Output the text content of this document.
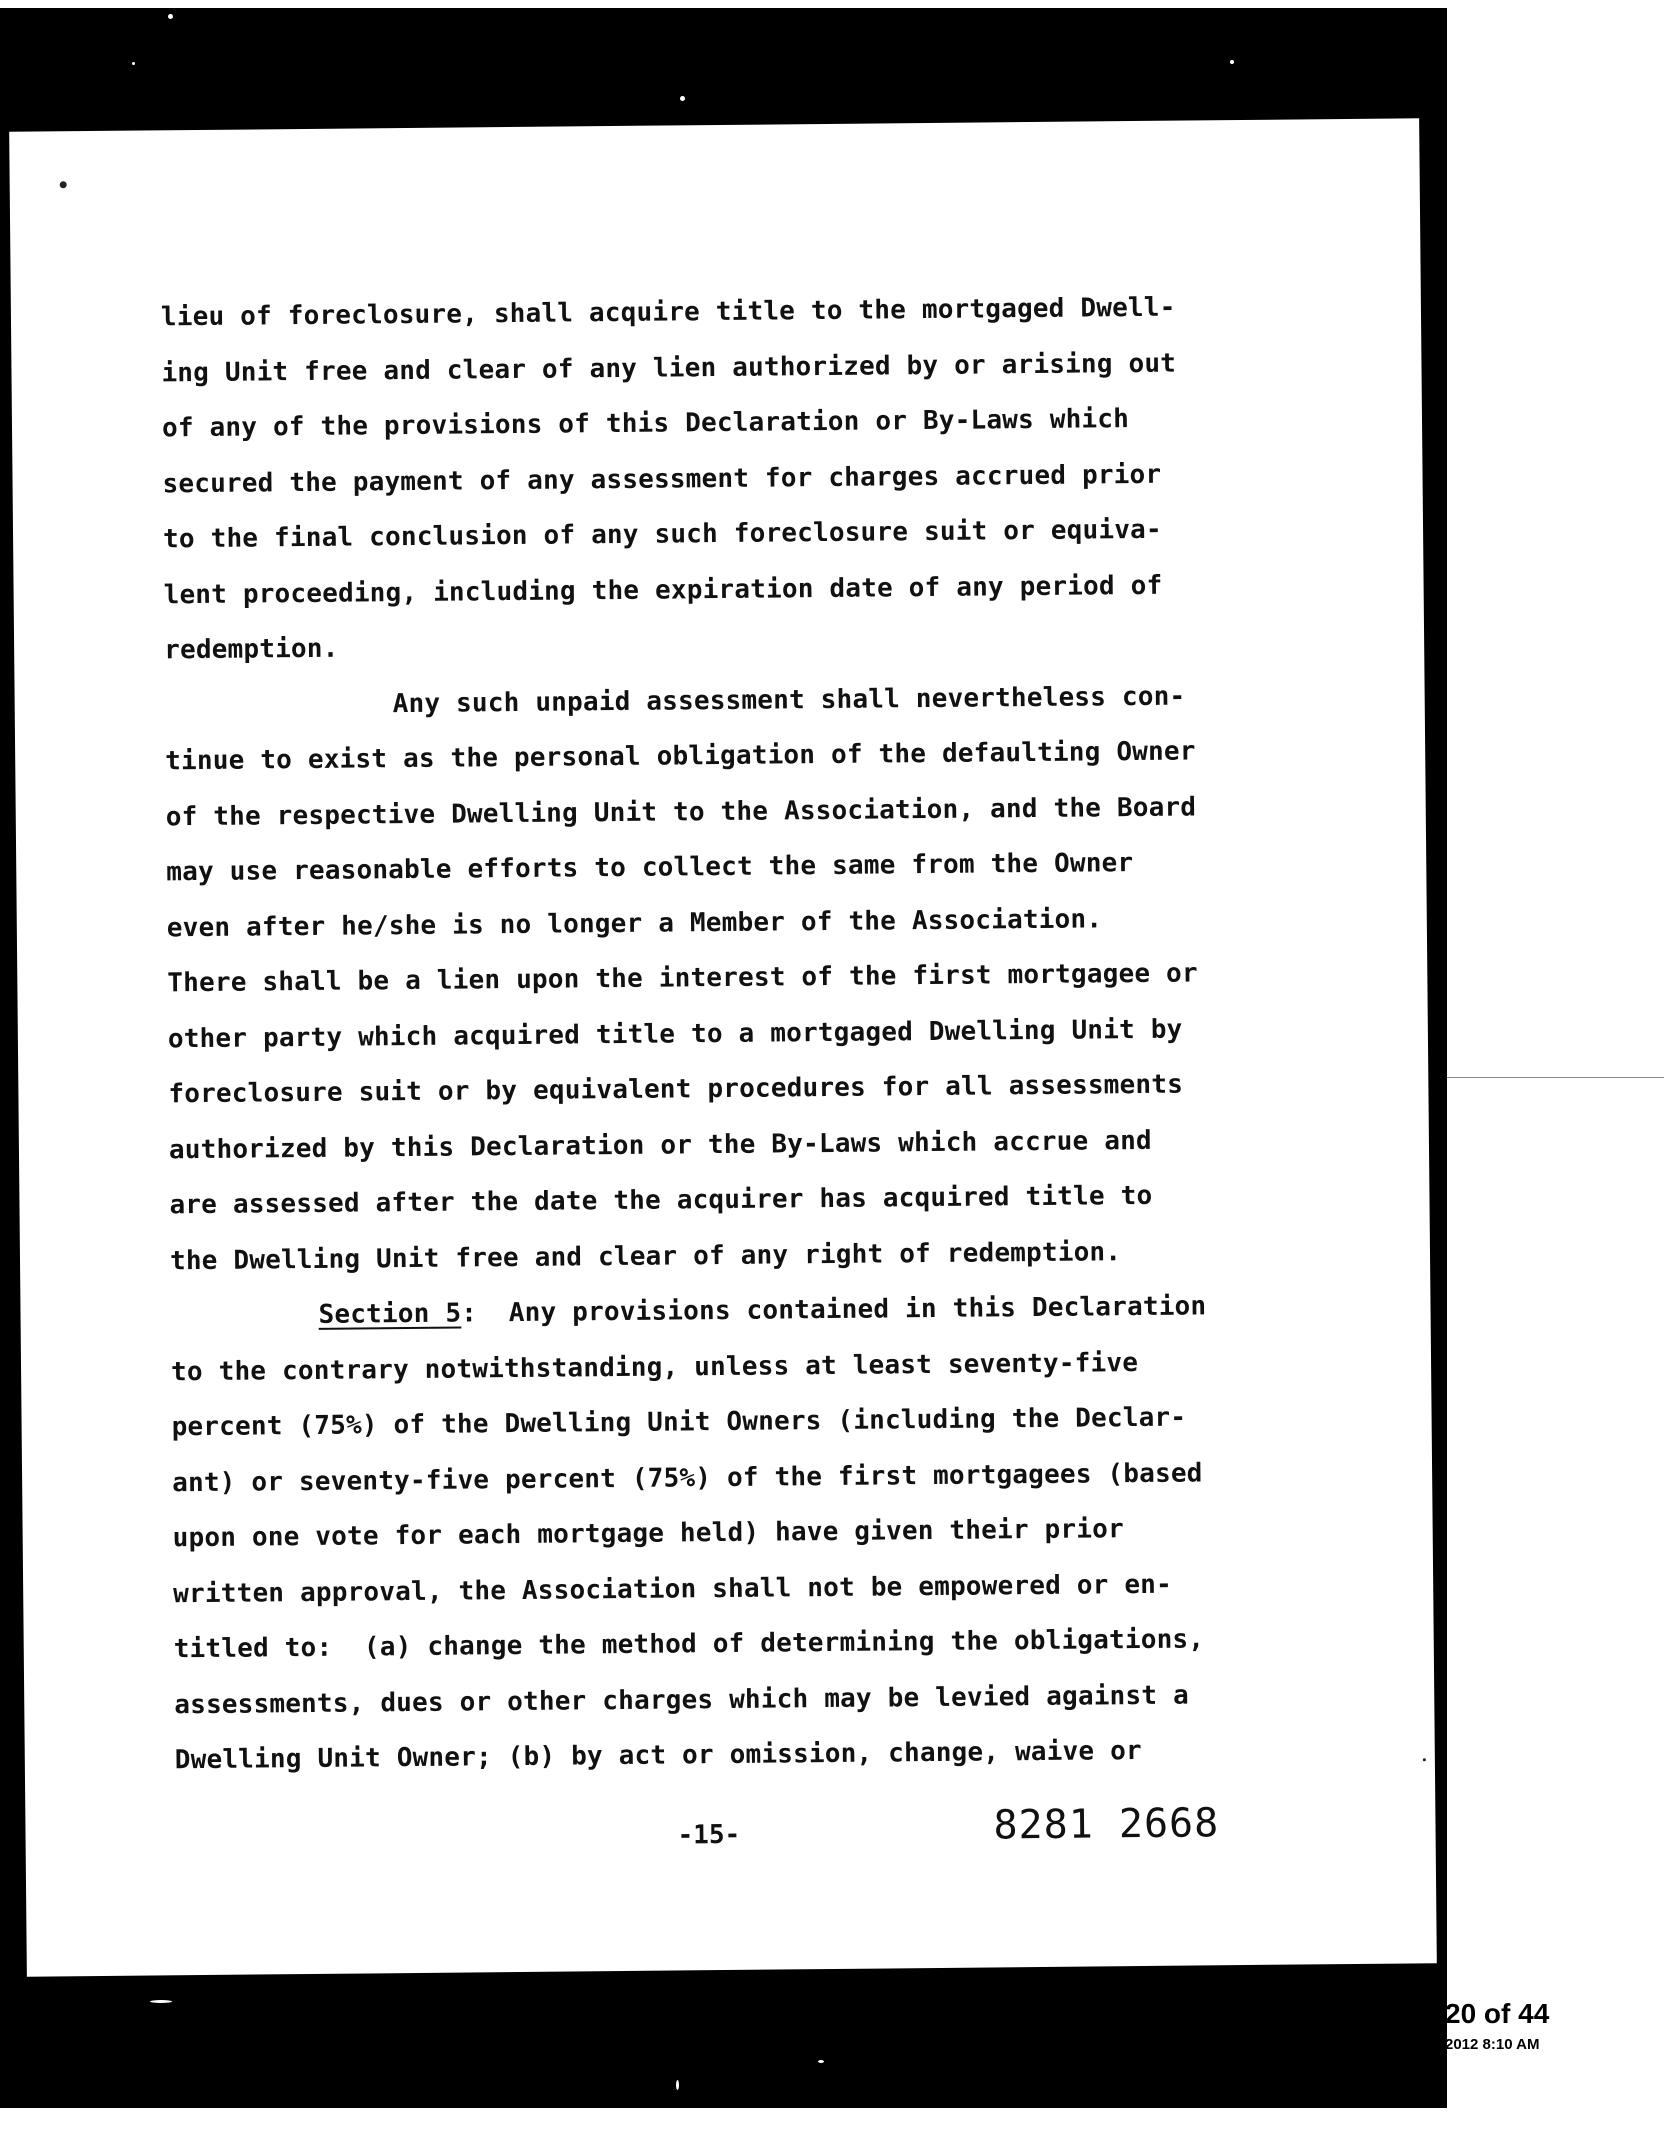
lieu of foreclosure, shall acquire title to the mortgaged Dwell-
ing Unit free and clear of any lien authorized by or arising out
of any of the provisions of this Declaration or By-Laws which
secured the payment of any assessment for charges accrued prior
to the final conclusion of any such foreclosure suit or equiva-
lent proceeding, including the expiration date of any period of
redemption.
Any such unpaid assessment shall nevertheless con-
tinue to exist as the personal obligation of the defaulting Owner
of the respective Dwelling Unit to the Association, and the Board
may use reasonable efforts to collect the same from the Owner
even after he/she is no longer a Member of the Association.
There shall be a lien upon the interest of the first mortgagee or
other party which acquired title to a mortgaged Dwelling Unit by
foreclosure suit or by equivalent procedures for all assessments
authorized by this Declaration or the By-Laws which accrue and
are assessed after the date the acquirer has acquired title to
the Dwelling Unit free and clear of any right of redemption.
Section 5:  Any provisions contained in this Declaration
to the contrary notwithstanding, unless at least seventy-five
percent (75%) of the Dwelling Unit Owners (including the Declar-
ant) or seventy-five percent (75%) of the first mortgagees (based
upon one vote for each mortgage held) have given their prior
written approval, the Association shall not be empowered or en-
titled to:  (a) change the method of determining the obligations,
assessments, dues or other charges which may be levied against a
Dwelling Unit Owner; (b) by act or omission, change, waive or
-15-	8281 2668
20 of 44
2012 8:10 AM
